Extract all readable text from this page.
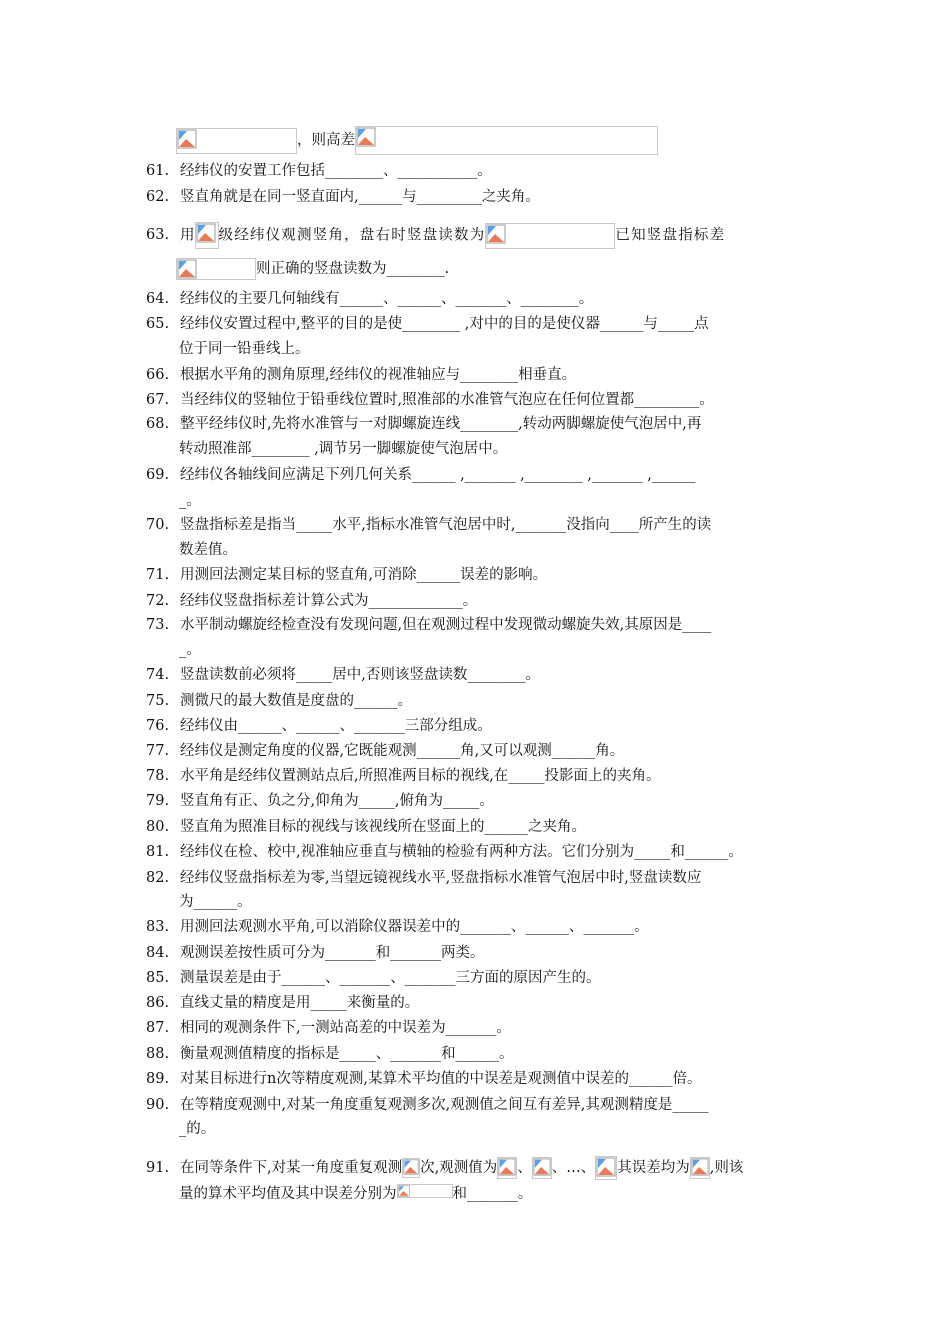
，则高差
61. 经纬仪的安置工作包括________、___________。
62. 竖直角就是在同一竖直面内,______与_________之夹角。
63. 用 级经纬仪观测竖角，盘右时竖盘读数为	已知竖盘指标差
则正确的竖盘读数为________.
64. 经纬仪的主要几何轴线有______、______、_______、________。
65. 经纬仪安置过程中,整平的目的是使________ ,对中的目的是使仪器______与_____点
位于同一铅垂线上。
66. 根据水平角的测角原理,经纬仪的视准轴应与________相垂直。
67. 当经纬仪的竖轴位于铅垂线位置时,照准部的水准管气泡应在任何位置都_________。
68. 整平经纬仪时,先将水准管与一对脚螺旋连线________,转动两脚螺旋使气泡居中,再
转动照准部________ ,调节另一脚螺旋使气泡居中。
69. 经纬仪各轴线间应满足下列几何关系______ ,_______ ,________ ,_______ ,______
_。
70. 竖盘指标差是指当_____水平,指标水准管气泡居中时,_______没指向____所产生的读
数差值。
71. 用测回法测定某目标的竖直角,可消除______误差的影响。
72. 经纬仪竖盘指标差计算公式为_____________。
73. 水平制动螺旋经检查没有发现问题,但在观测过程中发现微动螺旋失效,其原因是____
_。
74. 竖盘读数前必须将_____居中,否则该竖盘读数________。
75. 测微尺的最大数值是度盘的______。
76. 经纬仪由______、______、_______三部分组成。
77. 经纬仪是测定角度的仪器,它既能观测______角,又可以观测______角。
78. 水平角是经纬仪置测站点后,所照准两目标的视线,在_____投影面上的夹角。
79. 竖直角有正、负之分,仰角为_____,俯角为_____。
80. 竖直角为照准目标的视线与该视线所在竖面上的______之夹角。
81. 经纬仪在检、校中,视准轴应垂直与横轴的检验有两种方法。它们分别为_____和______。
82. 经纬仪竖盘指标差为零,当望远镜视线水平,竖盘指标水准管气泡居中时,竖盘读数应
为______。
83. 用测回法观测水平角,可以消除仪器误差中的_______、______、_______。
84. 观测误差按性质可分为_______和_______两类。
85. 测量误差是由于______、_______、_______三方面的原因产生的。
86. 直线丈量的精度是用_____来衡量的。
87. 相同的观测条件下,一测站高差的中误差为_______。
88. 衡量观测值精度的指标是_____、_______和______。
89. 对某目标进行n次等精度观测,某算术平均值的中误差是观测值中误差的______倍。
90. 在等精度观测中,对某一角度重复观测多次,观测值之间互有差异,其观测精度是_____
_的。
91. 在同等条件下,对某一角度重复观测 次,观测值为 、 、…、 其误差均为 ,则该
量的算术平均值及其中误差分别为	和_______。
